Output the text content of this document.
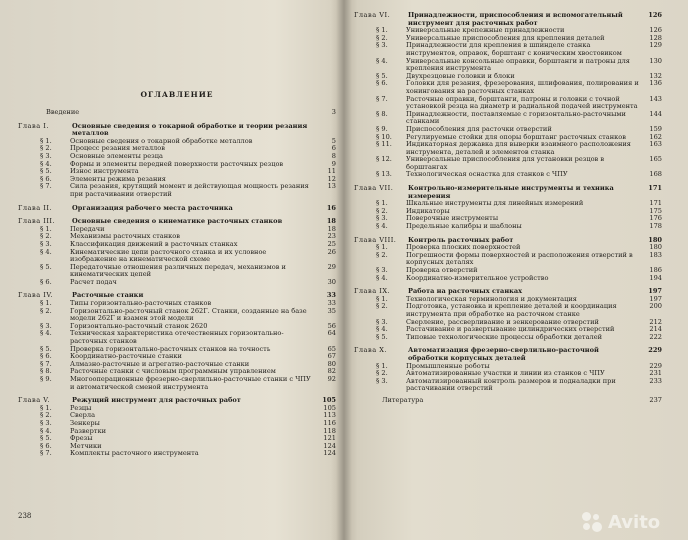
ОГЛАВЛЕНИЕ
Введение	3
Глава I.	Основные сведения о токарной обработке и теории резания металлов
§ 1.	Основные сведения о токарной обработке металлов	5
§ 2.	Процесс резания металлов	6
§ 3.	Основные элементы резца	8
§ 4.	Формы и элементы передней поверхности расточных резцов	9
§ 5.	Износ инструмента	11
§ 6.	Элементы режима резания	12
§ 7.	Сила резания, крутящий момент и действующая мощность резания при растачивании отверстий
13
Глава II.	Организация рабочего места расточника	16
Глава III.	Основные сведения о кинематике расточных станков	18
§ 1.	Передачи	18
§ 2.	Механизмы расточных станков	23
§ 3.	Классификация движений в расточных станках	25
§ 4.	Кинематические цепи расточного станка и их условное изображение на кинематической схеме
26
§ 5.	Передаточные отношения различных передач, механизмов и кинематических цепей
29
§ 6.	Расчет подач	30
Глава IV.	Расточные станки	33
§ 1.	Типы горизонтально-расточных станков	33
§ 2.	Горизонтально-расточный станок 262Г. Станки, созданные на базе модели 262Г и взамен этой модели
35
§ 3.	Горизонтально-расточный станок 2620	56
§ 4.	Техническая характеристика отечественных горизонтально-расточных станков
64
§ 5.	Проверка горизонтально-расточных станков на точность	65
§ 6.	Координатно-расточные станки	67
§ 7.	Алмазно-расточные и агрегатно-расточные станки	80
§ 8.	Расточные станки с числовым программным управлением	82
§ 9.	Многооперационные фрезерно-сверлильно-расточные станки с ЧПУ и автоматической сменой инструмента
92
Глава V.	Режущий инструмент для расточных работ	105
§ 1.	Резцы	105
§ 2.	Сверла	113
§ 3.	Зенкеры	116
§ 4.	Развертки	118
§ 5.	Фрезы	121
§ 6.	Метчики	124
§ 7.	Комплекты расточного инструмента	124
238
Глава VI.	Принадлежности, приспособления и вспомогательный инструмент для расточных работ
126
§ 1.	Универсальные крепежные принадлежности	126
§ 2.	Универсальные приспособления для крепления деталей	128
§ 3.	Принадлежности для крепления в шпинделе станка инструментов, оправок, борштанг с коническим хвостовиком
129
§ 4.	Универсальные консольные оправки, борштанги и патроны для крепления инструмента
130
§ 5.	Двухрезцовые головки и блоки	132
§ 6.	Головки для резания, фрезерования, шлифования, полирования и хонингования на расточных станках
136
§ 7.	Расточные оправки, борштанги, патроны и головки с точной установкой резца на диаметр и радиальной подачей инструмента
143
§ 8.	Принадлежности, поставляемые с горизонтально-расточными станками
144
§ 9.	Приспособления для расточки отверстий	159
§ 10.	Регулируемые стойки для опоры борштанг расточных станков	162
§ 11.	Индикаторная державка для выверки взаимного расположения инструмента, деталей и элементов станка
163
§ 12.	Универсальные приспособления для установки резцов в борштангах
165
§ 13.	Технологическая оснастка для станков с ЧПУ	168
Глава VII.	Контрольно-измерительные инструменты и техника измерения
171
§ 1.	Шкальные инструменты для линейных измерений	171
§ 2.	Индикаторы	175
§ 3.	Поверочные инструменты	176
§ 4.	Предельные калибры и шаблоны	178
Глава VIII.	Контроль расточных работ	180
§ 1.	Проверка плоских поверхностей	180
§ 2.	Погрешности формы поверхностей и расположения отверстий в корпусных деталях
183
§ 3.	Проверка отверстий	186
§ 4.	Координатно-измерительное устройство	194
Глава IX.	Работа на расточных станках	197
§ 1.	Технологическая терминология и документация	197
§ 2.	Подготовка, установка и крепление деталей и координация инструмента при обработке на расточном станке
200
§ 3.	Сверление, рассверливание и зенкерование отверстий	212
§ 4.	Растачивание и развертывание цилиндрических отверстий	214
§ 5.	Типовые технологические процессы обработки деталей	222
Глава X.	Автоматизация фрезерно-сверлильно-расточной обработки корпусных деталей
229
§ 1.	Промышленные роботы	229
§ 2.	Автоматизированные участки и линии из станков с ЧПУ	231
§ 3.	Автоматизированный контроль размеров и подналадки при растачивании отверстий
233
Литература	237
Avito
